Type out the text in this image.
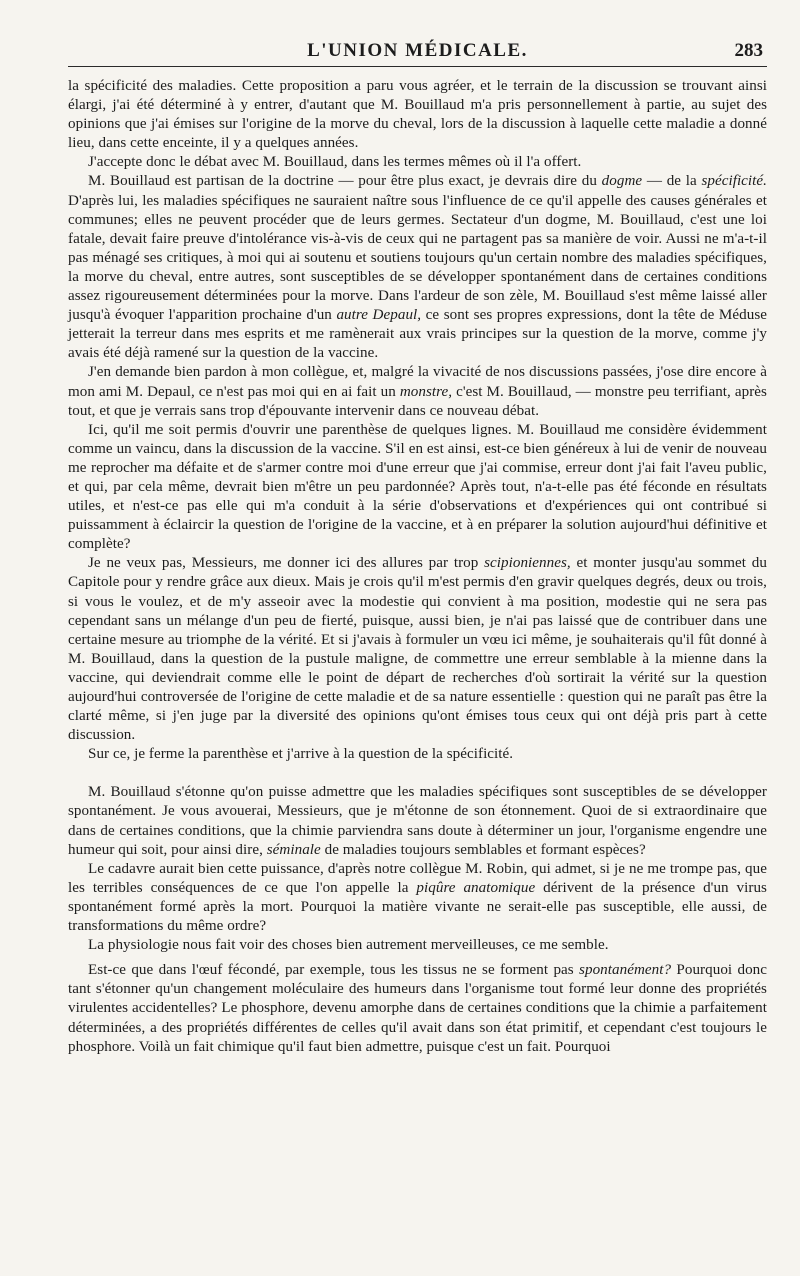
L'UNION MÉDICALE.	283

la spécificité des maladies. Cette proposition a paru vous agréer, et le terrain de la discussion se trouvant ainsi élargi, j'ai été déterminé à y entrer, d'autant que M. Bouillaud m'a pris personnellement à partie, au sujet des opinions que j'ai émises sur l'origine de la morve du cheval, lors de la discussion à laquelle cette maladie a donné lieu, dans cette enceinte, il y a quelques années.

J'accepte donc le débat avec M. Bouillaud, dans les termes mêmes où il l'a offert.

M. Bouillaud est partisan de la doctrine — pour être plus exact, je devrais dire du dogme — de la spécificité. D'après lui, les maladies spécifiques ne sauraient naître sous l'influence de ce qu'il appelle des causes générales et communes; elles ne peuvent procéder que de leurs germes. Sectateur d'un dogme, M. Bouillaud, c'est une loi fatale, devait faire preuve d'intolérance vis-à-vis de ceux qui ne partagent pas sa manière de voir. Aussi ne m'a-t-il pas ménagé ses critiques, à moi qui ai soutenu et soutiens toujours qu'un certain nombre des maladies spécifiques, la morve du cheval, entre autres, sont susceptibles de se développer spontanément dans de certaines conditions assez rigoureusement déterminées pour la morve. Dans l'ardeur de son zèle, M. Bouillaud s'est même laissé aller jusqu'à évoquer l'apparition prochaine d'un autre Depaul, ce sont ses propres expressions, dont la tête de Méduse jetterait la terreur dans mes esprits et me ramènerait aux vrais principes sur la question de la morve, comme j'y avais été déjà ramené sur la question de la vaccine.

J'en demande bien pardon à mon collègue, et, malgré la vivacité de nos discussions passées, j'ose dire encore à mon ami M. Depaul, ce n'est pas moi qui en ai fait un monstre, c'est M. Bouillaud, — monstre peu terrifiant, après tout, et que je verrais sans trop d'épouvante intervenir dans ce nouveau débat.

Ici, qu'il me soit permis d'ouvrir une parenthèse de quelques lignes. M. Bouillaud me considère évidemment comme un vaincu, dans la discussion de la vaccine. S'il en est ainsi, est-ce bien généreux à lui de venir de nouveau me reprocher ma défaite et de s'armer contre moi d'une erreur que j'ai commise, erreur dont j'ai fait l'aveu public, et qui, par cela même, devrait bien m'être un peu pardonnée? Après tout, n'a-t-elle pas été féconde en résultats utiles, et n'est-ce pas elle qui m'a conduit à la série d'observations et d'expériences qui ont contribué si puissamment à éclaircir la question de l'origine de la vaccine, et à en préparer la solution aujourd'hui définitive et complète?

Je ne veux pas, Messieurs, me donner ici des allures par trop scipioniennes, et monter jusqu'au sommet du Capitole pour y rendre grâce aux dieux. Mais je crois qu'il m'est permis d'en gravir quelques degrés, deux ou trois, si vous le voulez, et de m'y asseoir avec la modestie qui convient à ma position, modestie qui ne sera pas cependant sans un mélange d'un peu de fierté, puisque, aussi bien, je n'ai pas laissé que de contribuer dans une certaine mesure au triomphe de la vérité. Et si j'avais à formuler un vœu ici même, je souhaiterais qu'il fût donné à M. Bouillaud, dans la question de la pustule maligne, de commettre une erreur semblable à la mienne dans la vaccine, qui deviendrait comme elle le point de départ de recherches d'où sortirait la vérité sur la question aujourd'hui controversée de l'origine de cette maladie et de sa nature essentielle : question qui ne paraît pas être la clarté même, si j'en juge par la diversité des opinions qu'ont émises tous ceux qui ont déjà pris part à cette discussion.

Sur ce, je ferme la parenthèse et j'arrive à la question de la spécificité.

M. Bouillaud s'étonne qu'on puisse admettre que les maladies spécifiques sont susceptibles de se développer spontanément. Je vous avouerai, Messieurs, que je m'étonne de son étonnement. Quoi de si extraordinaire que dans de certaines conditions, que la chimie parviendra sans doute à déterminer un jour, l'organisme engendre une humeur qui soit, pour ainsi dire, séminale de maladies toujours semblables et formant espèces?

Le cadavre aurait bien cette puissance, d'après notre collègue M. Robin, qui admet, si je ne me trompe pas, que les terribles conséquences de ce que l'on appelle la piqûre anatomique dérivent de la présence d'un virus spontanément formé après la mort. Pourquoi la matière vivante ne serait-elle pas susceptible, elle aussi, de transformations du même ordre?

La physiologie nous fait voir des choses bien autrement merveilleuses, ce me semble.

Est-ce que dans l'œuf fécondé, par exemple, tous les tissus ne se forment pas spontanément? Pourquoi donc tant s'étonner qu'un changement moléculaire des humeurs dans l'organisme tout formé leur donne des propriétés virulentes accidentelles? Le phosphore, devenu amorphe dans de certaines conditions que la chimie a parfaitement déterminées, a des propriétés différentes de celles qu'il avait dans son état primitif, et cependant c'est toujours le phosphore. Voilà un fait chimique qu'il faut bien admettre, puisque c'est un fait. Pourquoi
